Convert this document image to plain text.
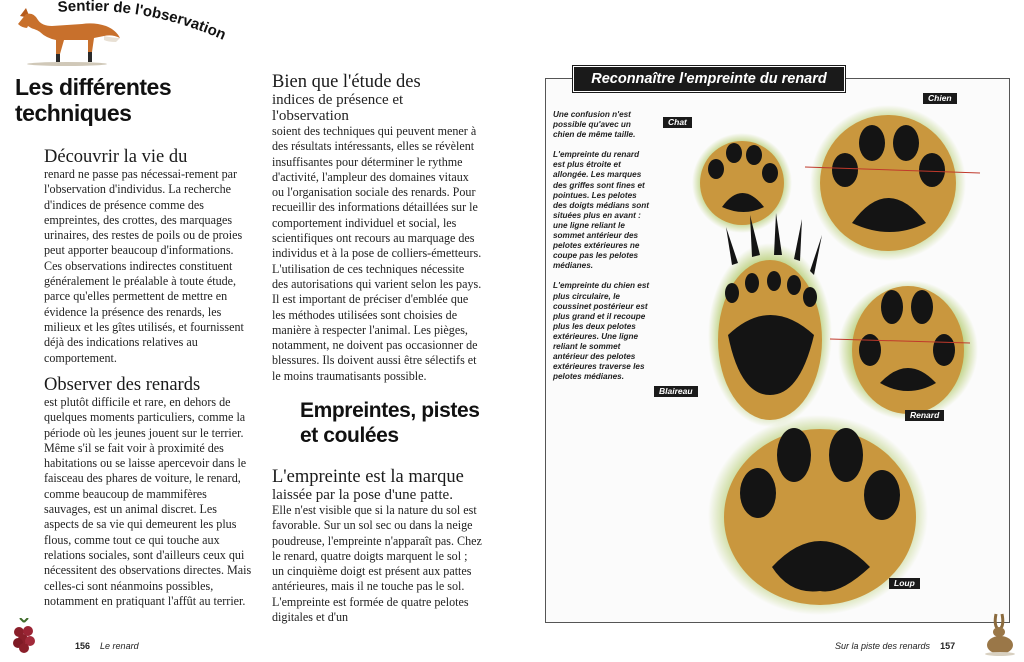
Sentier de l'observation
Les différentes techniques
Découvrir la vie du

renard ne passe pas nécessai-rement par l'observation d'individus. La recherche d'indices de présence comme des empreintes, des crottes, des marquages urinaires, des restes de poils ou de proies peut apporter beaucoup d'informations. Ces observations indirectes constituent généralement le préalable à toute étude, parce qu'elles permettent de mettre en évidence la présence des renards, les milieux et les gîtes utilisés, et fournissent déjà des indications relatives au comportement.

Observer des renards

est plutôt difficile et rare, en dehors de quelques moments particuliers, comme la période où les jeunes jouent sur le terrier. Même s'il se fait voir à proximité des habitations ou se laisse apercevoir dans le faisceau des phares de voiture, le renard, comme beaucoup de mammifères sauvages, est un animal discret. Les aspects de sa vie qui demeurent les plus flous, comme tout ce qui touche aux relations sociales, sont d'ailleurs ceux qui nécessitent des observations directes. Mais celles-ci sont néanmoins possibles, notamment en pratiquant l'affût au terrier.

Bien que l'étude des
indices de présence et l'observation

soient des techniques qui peuvent mener à des résultats intéressants, elles se révèlent insuffisantes pour déterminer le rythme d'activité, l'ampleur des domaines vitaux ou l'organisation sociale des renards. Pour recueillir des informations détaillées sur le comportement individuel et social, les scientifiques ont recours au marquage des individus et à la pose de colliers-émetteurs. L'utilisation de ces techniques nécessite des autorisations qui varient selon les pays. Il est important de préciser d'emblée que les méthodes utilisées sont choisies de manière à respecter l'animal. Les pièges, notamment, ne doivent pas occasionner de blessures. Ils doivent aussi être sélectifs et le moins traumatisants possible.

Empreintes, pistes et coulées
L'empreinte est la marque
laissée par la pose d'une patte.

Elle n'est visible que si la nature du sol est favorable. Sur un sol sec ou dans la neige poudreuse, l'empreinte n'apparaît pas. Chez le renard, quatre doigts marquent le sol ; un cinquième doigt est présent aux pattes antérieures, mais il ne touche pas le sol. L'empreinte est formée de quatre pelotes digitales et d'un

Reconnaître l'empreinte du renard

Une confusion n'est possible qu'avec un chien de même taille.

L'empreinte du renard est plus étroite et allongée. Les marques des griffes sont fines et pointues. Les pelotes des doigts médians sont situées plus en avant : une ligne reliant le sommet antérieur des pelotes extérieures ne coupe pas les pelotes médianes.

L'empreinte du chien est plus circulaire, le coussinet postérieur est plus grand et il recoupe plus les deux pelotes extérieures. Une ligne reliant le sommet antérieur des pelotes extérieures traverse les pelotes médianes.

Chat
Chien
Blaireau
Renard
Loup
156 Le renard	Sur la piste des renards 157
